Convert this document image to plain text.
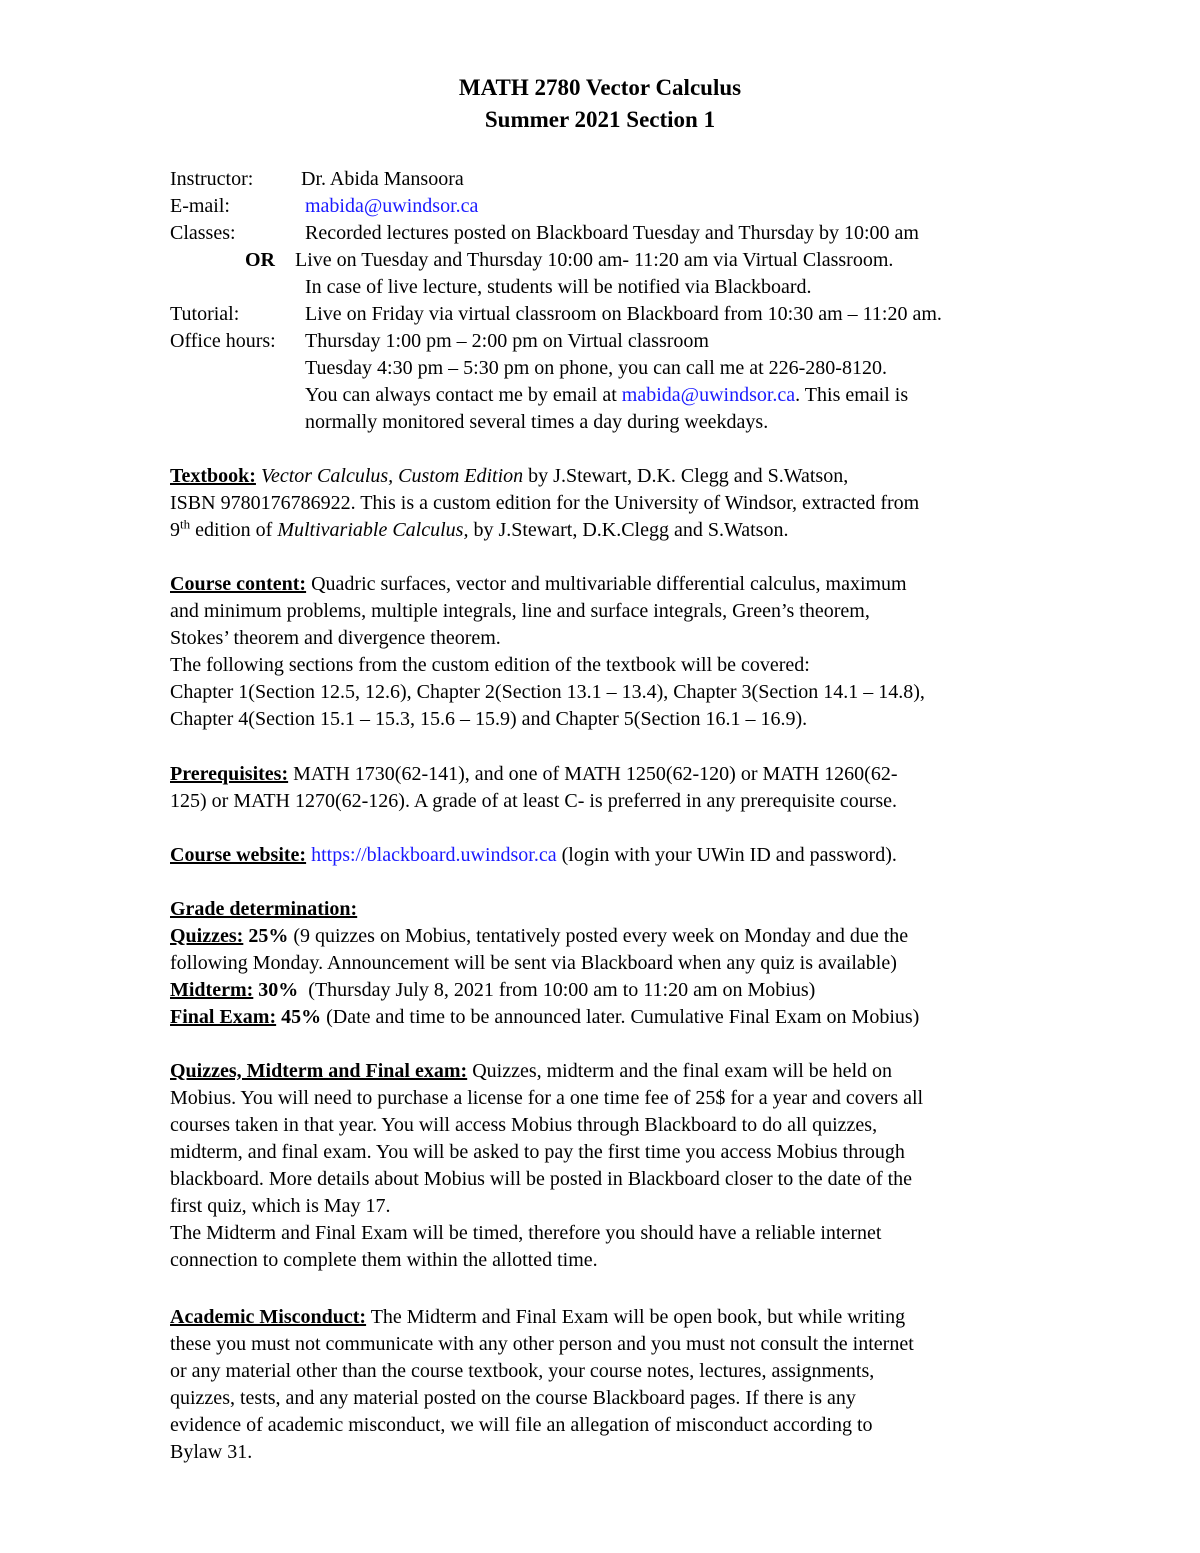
MATH 2780 Vector Calculus
Summer 2021 Section 1
Instructor: Dr. Abida Mansoora
E-mail:	mabida@uwindsor.ca
Classes:	Recorded lectures posted on Blackboard Tuesday and Thursday by 10:00 am
OR Live on Tuesday and Thursday 10:00 am- 11:20 am via Virtual Classroom.
In case of live lecture, students will be notified via Blackboard.
Tutorial:	Live on Friday via virtual classroom on Blackboard from 10:30 am – 11:20 am.
Office hours: Thursday 1:00 pm – 2:00 pm on Virtual classroom
Tuesday 4:30 pm – 5:30 pm on phone, you can call me at 226-280-8120.
You can always contact me by email at mabida@uwindsor.ca. This email is
normally monitored several times a day during weekdays.

Textbook: Vector Calculus, Custom Edition by J.Stewart, D.K. Clegg and S.Watson,

ISBN 9780176786922. This is a custom edition for the University of Windsor, extracted from

9th edition of Multivariable Calculus, by J.Stewart, D.K.Clegg and S.Watson.

Course content: Quadric surfaces, vector and multivariable differential calculus, maximum

and minimum problems, multiple integrals, line and surface integrals, Green’s theorem,

Stokes’ theorem and divergence theorem.

The following sections from the custom edition of the textbook will be covered:

Chapter 1(Section 12.5, 12.6), Chapter 2(Section 13.1 – 13.4), Chapter 3(Section 14.1 – 14.8),

Chapter 4(Section 15.1 – 15.3, 15.6 – 15.9) and Chapter 5(Section 16.1 – 16.9).

Prerequisites: MATH 1730(62-141), and one of MATH 1250(62-120) or MATH 1260(62-

125) or MATH 1270(62-126). A grade of at least C- is preferred in any prerequisite course.

Course website: https://blackboard.uwindsor.ca (login with your UWin ID and password).

Grade determination:

Quizzes: 25% (9 quizzes on Mobius, tentatively posted every week on Monday and due the

following Monday. Announcement will be sent via Blackboard when any quiz is available)

Midterm: 30%  (Thursday July 8, 2021 from 10:00 am to 11:20 am on Mobius)

Final Exam: 45% (Date and time to be announced later. Cumulative Final Exam on Mobius)

Quizzes, Midterm and Final exam: Quizzes, midterm and the final exam will be held on

Mobius. You will need to purchase a license for a one time fee of 25$ for a year and covers all

courses taken in that year. You will access Mobius through Blackboard to do all quizzes,

midterm, and final exam. You will be asked to pay the first time you access Mobius through

blackboard. More details about Mobius will be posted in Blackboard closer to the date of the

first quiz, which is May 17.

The Midterm and Final Exam will be timed, therefore you should have a reliable internet

connection to complete them within the allotted time.

Academic Misconduct: The Midterm and Final Exam will be open book, but while writing

these you must not communicate with any other person and you must not consult the internet

or any material other than the course textbook, your course notes, lectures, assignments,

quizzes, tests, and any material posted on the course Blackboard pages. If there is any

evidence of academic misconduct, we will file an allegation of misconduct according to

Bylaw 31.
